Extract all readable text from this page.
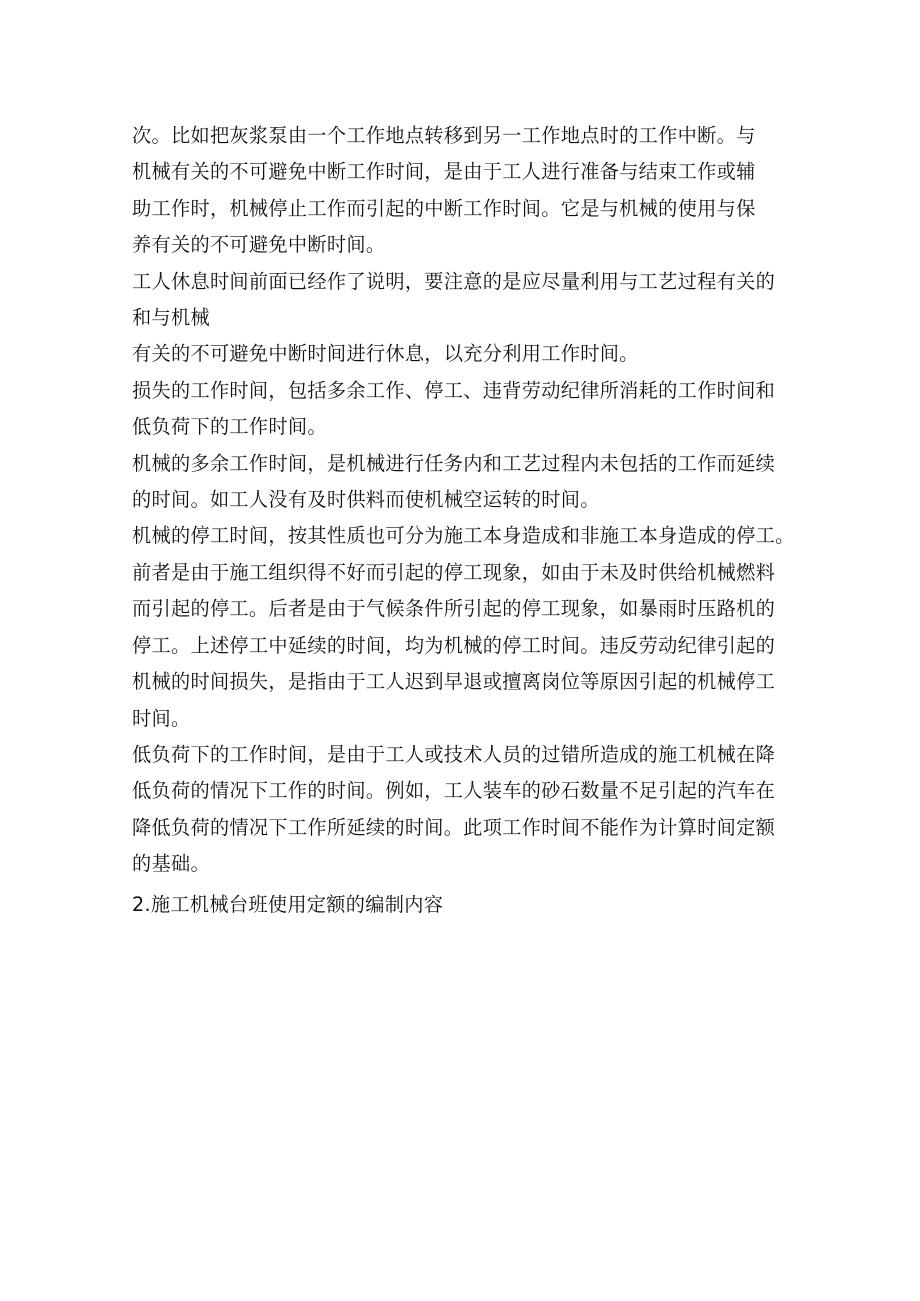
次。比如把灰浆泵由一个工作地点转移到另一工作地点时的工作中断。与
机械有关的不可避免中断工作时间，是由于工人进行准备与结束工作或辅
助工作时，机械停止工作而引起的中断工作时间。它是与机械的使用与保
养有关的不可避免中断时间。
工人休息时间前面已经作了说明，要注意的是应尽量利用与工艺过程有关的
和与机械
有关的不可避免中断时间进行休息，以充分利用工作时间。
损失的工作时间，包括多余工作、停工、违背劳动纪律所消耗的工作时间和
低负荷下的工作时间。
机械的多余工作时间，是机械进行任务内和工艺过程内未包括的工作而延续
的时间。如工人没有及时供料而使机械空运转的时间。
机械的停工时间，按其性质也可分为施工本身造成和非施工本身造成的停工。
前者是由于施工组织得不好而引起的停工现象，如由于未及时供给机械燃料
而引起的停工。后者是由于气候条件所引起的停工现象，如暴雨时压路机的
停工。上述停工中延续的时间，均为机械的停工时间。违反劳动纪律引起的
机械的时间损失，是指由于工人迟到早退或擅离岗位等原因引起的机械停工
时间。
低负荷下的工作时间，是由于工人或技术人员的过错所造成的施工机械在降
低负荷的情况下工作的时间。例如，工人装车的砂石数量不足引起的汽车在
降低负荷的情况下工作所延续的时间。此项工作时间不能作为计算时间定额
的基础。
2.施工机械台班使用定额的编制内容
